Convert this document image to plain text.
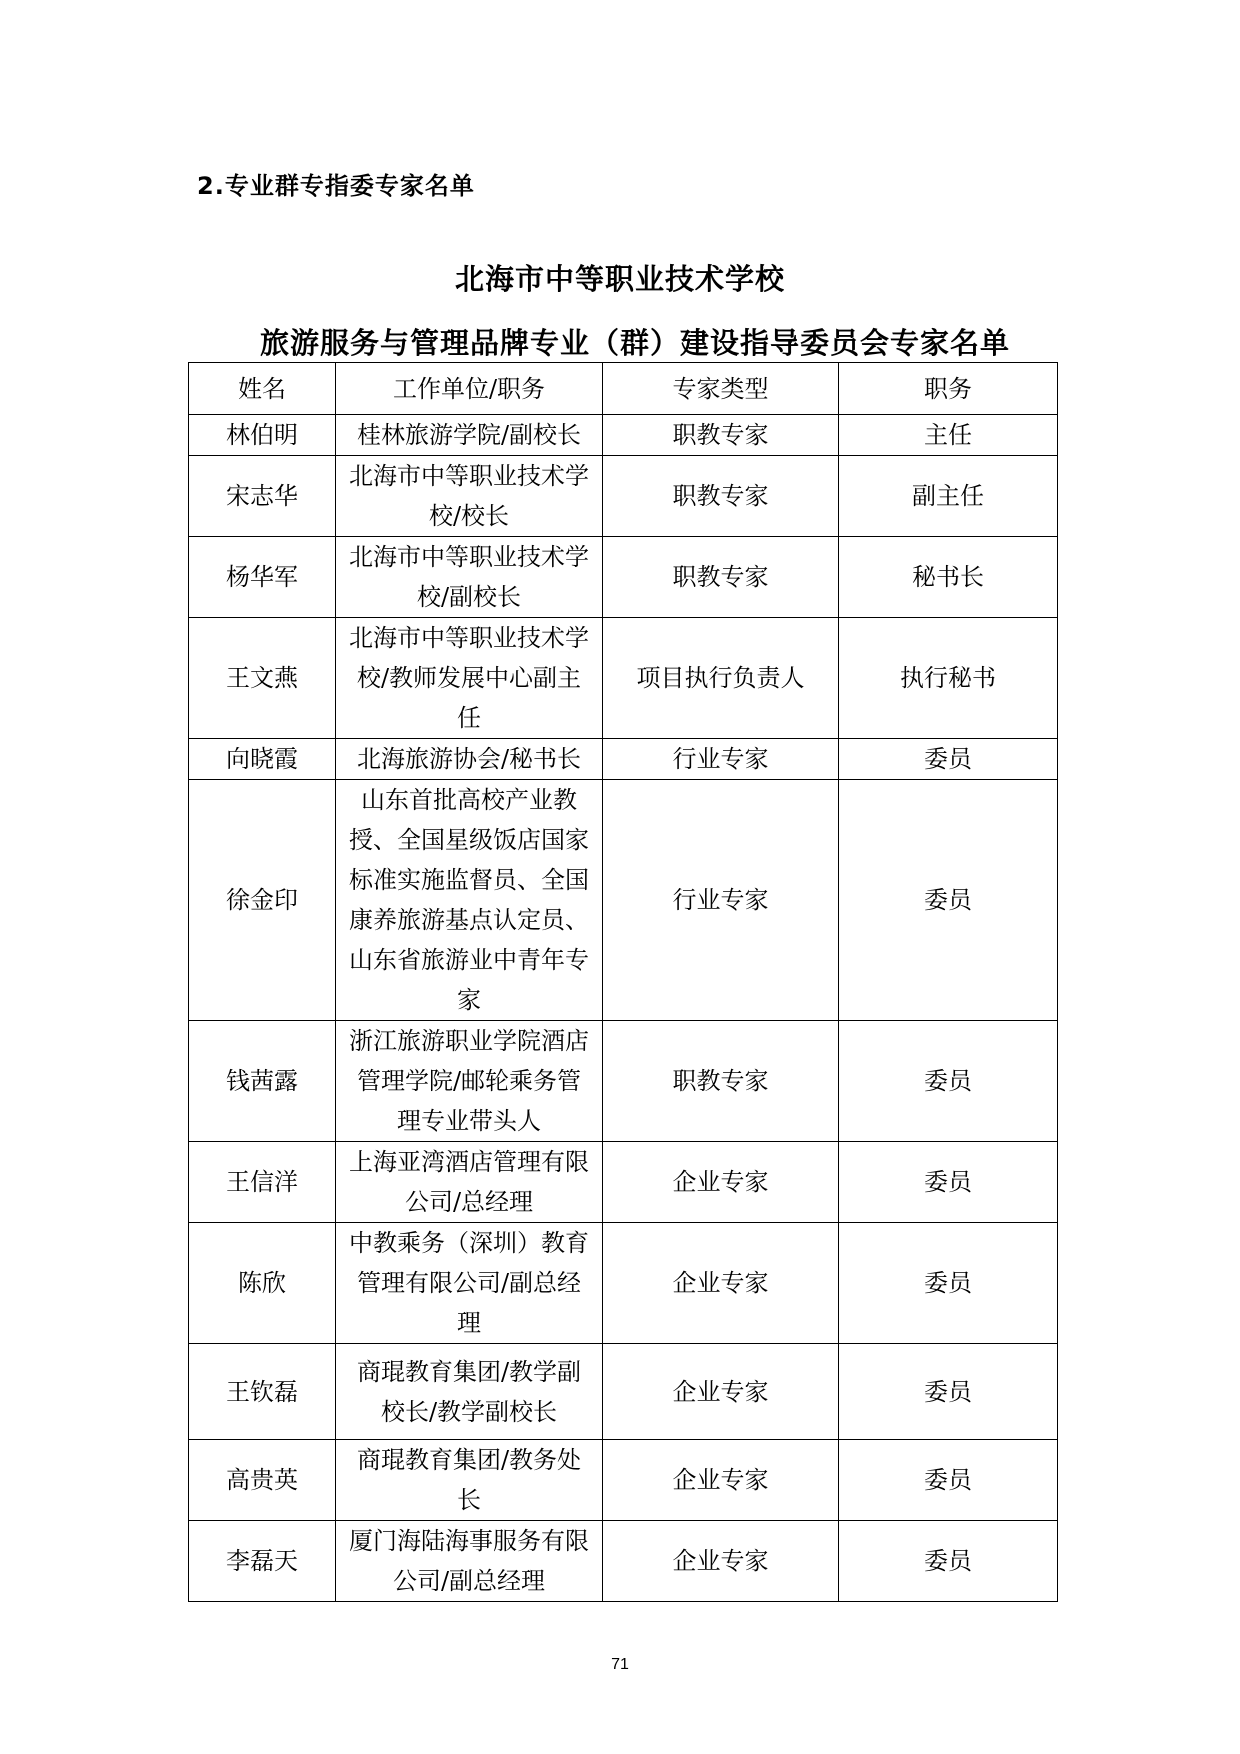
2.专业群专指委专家名单
北海市中等职业技术学校
旅游服务与管理品牌专业（群）建设指导委员会专家名单
姓名	工作单位/职务	专家类型	职务
林伯明	桂林旅游学院/副校长	职教专家	主任
宋志华	北海市中等职业技术学校/校长	职教专家	副主任
杨华军	北海市中等职业技术学校/副校长	职教专家	秘书长
王文燕	北海市中等职业技术学校/教师发展中心副主任	项目执行负责人	执行秘书
向晓霞	北海旅游协会/秘书长	行业专家	委员
徐金印	山东首批高校产业教授、全国星级饭店国家标准实施监督员、全国康养旅游基点认定员、山东省旅游业中青年专家	行业专家	委员
钱茜露	浙江旅游职业学院酒店管理学院/邮轮乘务管理专业带头人	职教专家	委员
王信洋	上海亚湾酒店管理有限公司/总经理	企业专家	委员
陈欣	中教乘务（深圳）教育管理有限公司/副总经理	企业专家	委员
王钦磊	商琨教育集团/教学副校长/教学副校长	企业专家	委员
高贵英	商琨教育集团/教务处长	企业专家	委员
李磊天	厦门海陆海事服务有限公司/副总经理	企业专家	委员
71
